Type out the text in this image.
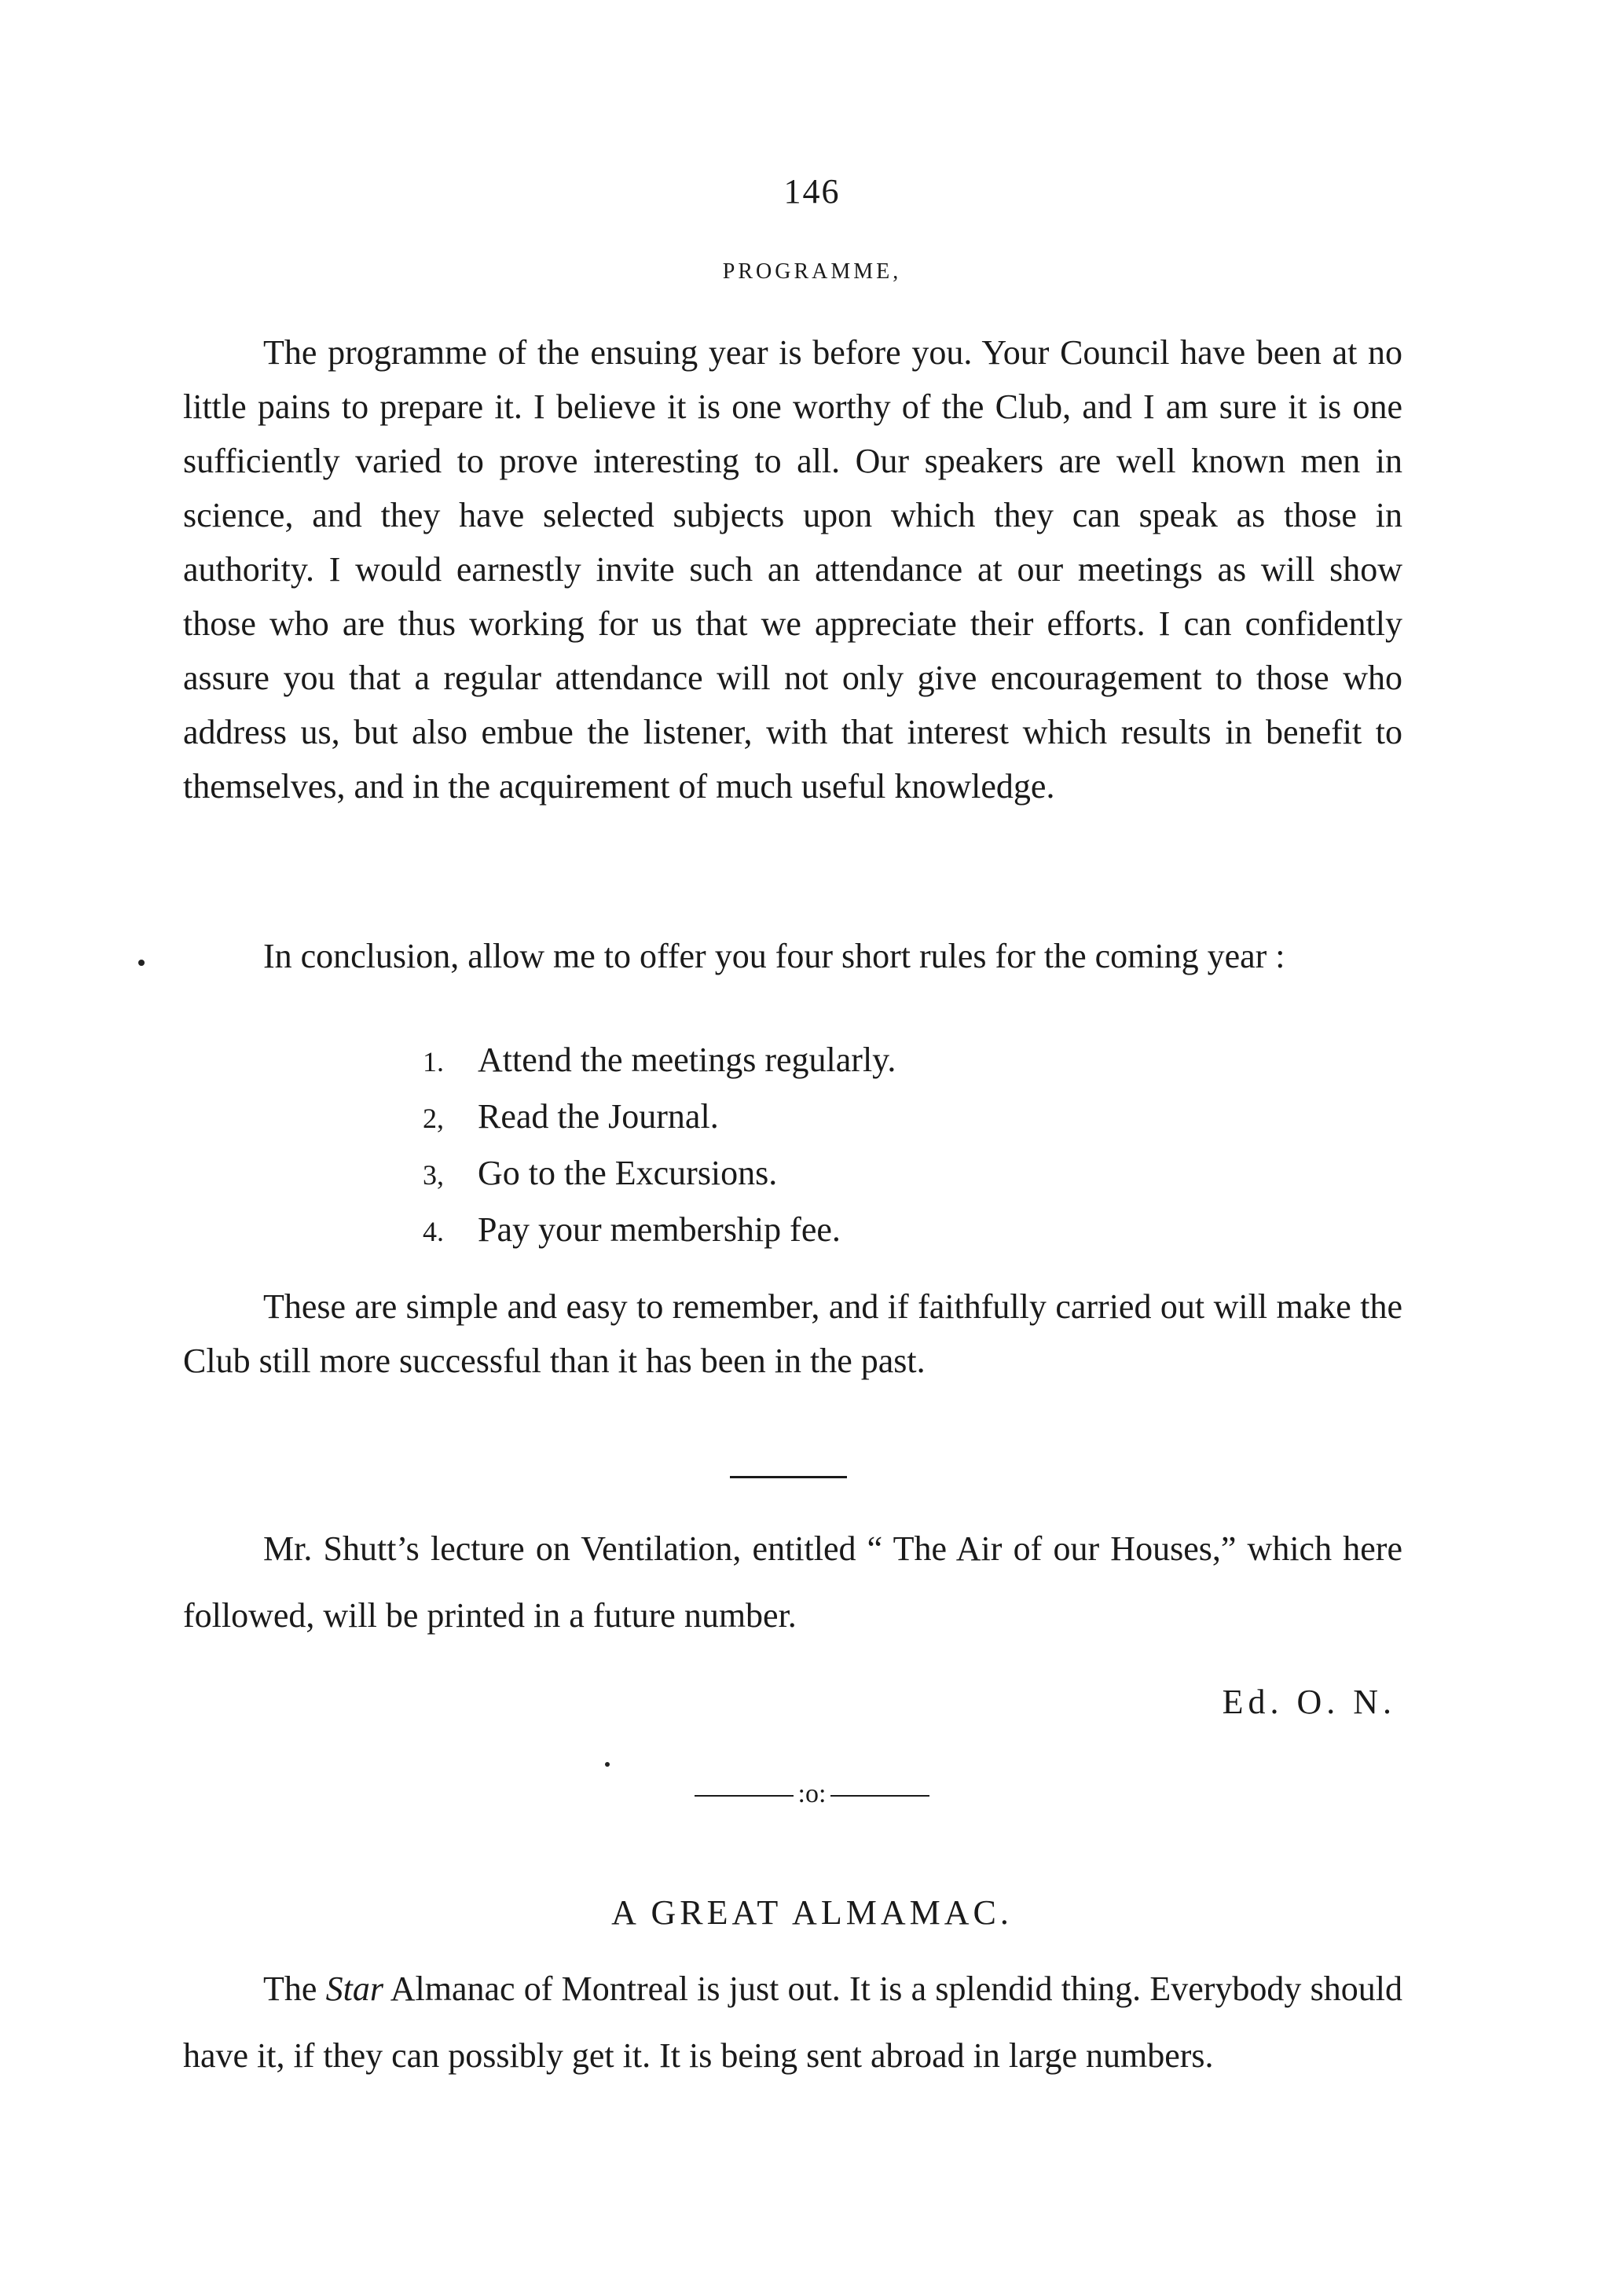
146
PROGRAMME,

The programme of the ensuing year is before you. Your Council have been at no little pains to prepare it. I believe it is one worthy of the Club, and I am sure it is one sufficiently varied to prove interesting to all. Our speakers are well known men in science, and they have selected subjects upon which they can speak as those in authority. I would earnestly invite such an attendance at our meetings as will show those who are thus working for us that we appreciate their efforts. I can confidently assure you that a regular attendance will not only give encouragement to those who address us, but also embue the listener, with that interest which results in benefit to themselves, and in the acquirement of much useful knowledge.

In conclusion, allow me to offer you four short rules for the coming year :

1. Attend the meetings regularly.
2, Read the Journal.
3, Go to the Excursions.
4. Pay your membership fee.

These are simple and easy to remember, and if faithfully carried out will make the Club still more successful than it has been in the past.

Mr. Shutt’s lecture on Ventilation, entitled “ The Air of our Houses,” which here followed, will be printed in a future number.

Ed. O. N.
:o:
A GREAT ALMAMAC.

The Star Almanac of Montreal is just out. It is a splendid thing. Everybody should have it, if they can possibly get it. It is being sent abroad in large numbers.
